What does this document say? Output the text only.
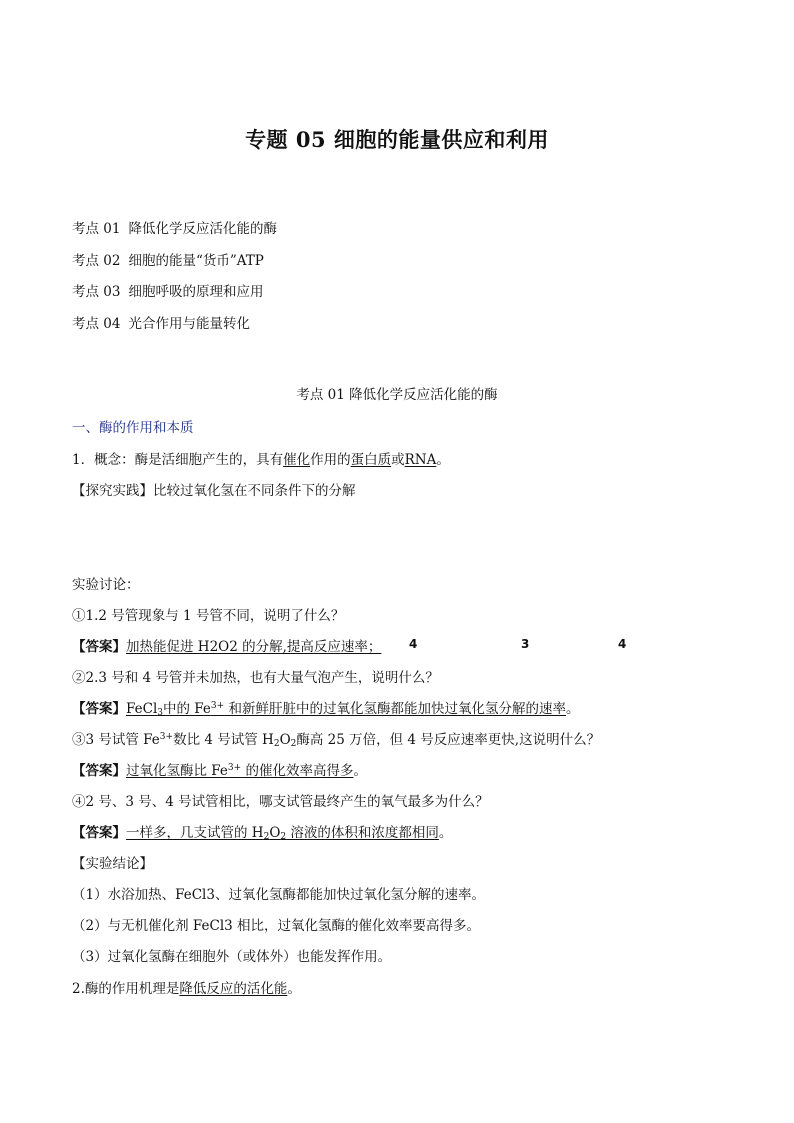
专题 05 细胞的能量供应和利用
考点 01 降低化学反应活化能的酶
考点 02 细胞的能量“货币”ATP
考点 03 细胞呼吸的原理和应用
考点 04 光合作用与能量转化
考点 01 降低化学反应活化能的酶
一、酶的作用和本质
1．概念：酶是活细胞产生的，具有催化作用的蛋白质或RNA。
【探究实践】比较过氧化氢在不同条件下的分解
实验讨论：
①1.2 号管现象与 1 号管不同，说明了什么？
【答案】加热能促进 H2O2 的分解,提高反应速率； 4	3	4
②2.3 号和 4 号管并未加热，也有大量气泡产生，说明什么？
【答案】FeCl$_3$中的 $Fe^{3+}$ 和新鲜肝脏中的过氧化氢酶都能加快过氧化氢分解的速率。
③3 号试管 $Fe^{3+}$数比 4 号试管 $H_2O_2$酶高 25 万倍，但 4 号反应速率更快,这说明什么？
【答案】过氧化氢酶比 $Fe^{3+}$ 的催化效率高得多。
④2 号、3 号、4 号试管相比，哪支试管最终产生的氧气最多为什么？
【答案】一样多，几支试管的 $H_2O_2$ 溶液的体积和浓度都相同。
【实验结论】
（1）水浴加热、FeCl3、过氧化氢酶都能加快过氧化氢分解的速率。
（2）与无机催化剂 FeCl3 相比，过氧化氢酶的催化效率要高得多。
（3）过氧化氢酶在细胞外（或体外）也能发挥作用。
2.酶的作用机理是降低反应的活化能。
